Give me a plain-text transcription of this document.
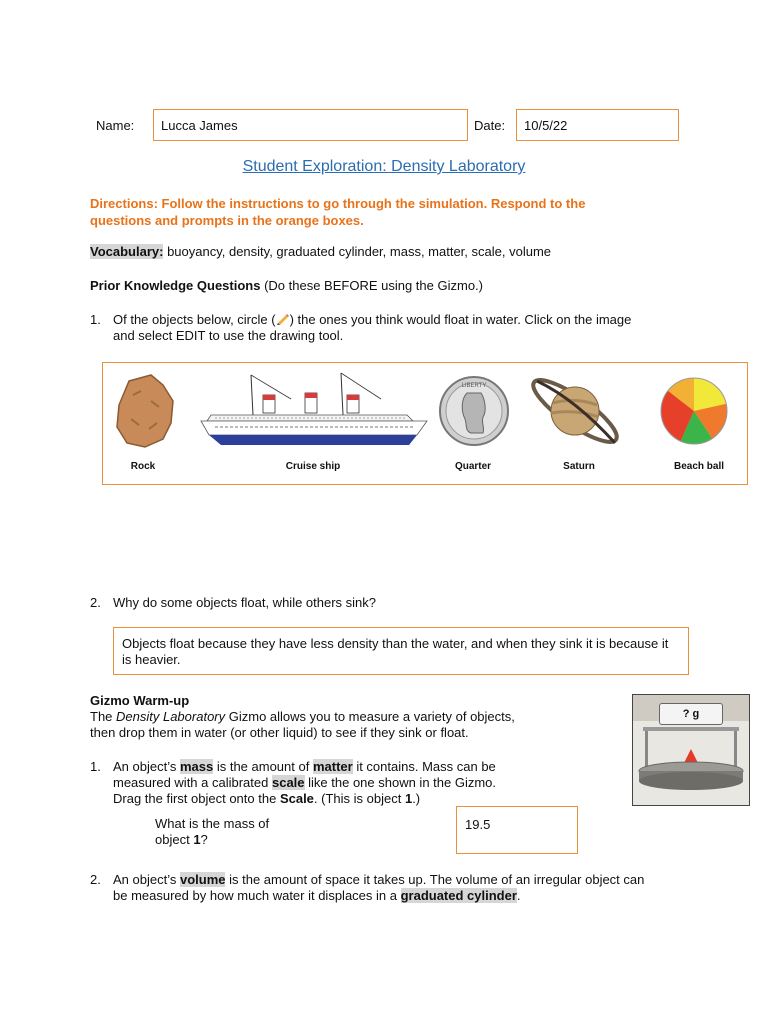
Name: Lucca James	Date: 10/5/22
Student Exploration: Density Laboratory
Directions: Follow the instructions to go through the simulation. Respond to the questions and prompts in the orange boxes.
Vocabulary: buoyancy, density, graduated cylinder, mass, matter, scale, volume
Prior Knowledge Questions (Do these BEFORE using the Gizmo.)
1. Of the objects below, circle ( ) the ones you think would float in water. Click on the image
and select EDIT to use the drawing tool.
Rock	Cruise ship
LIBERTY
Quarter	Saturn	Beach ball
2. Why do some objects float, while others sink?
Objects float because they have less density than the water, and when they sink it is because it is heavier.
Gizmo Warm-up
The Density Laboratory Gizmo allows you to measure a variety of objects,
then drop them in water (or other liquid) to see if they sink or float.
? g
1. An object’s mass is the amount of matter it contains. Mass can be
measured with a calibrated scale like the one shown in the Gizmo.
Drag the first object onto the Scale. (This is object 1.)
What is the mass of
object 1?
19.5
2. An object’s volume is the amount of space it takes up. The volume of an irregular object can
be measured by how much water it displaces in a graduated cylinder.
